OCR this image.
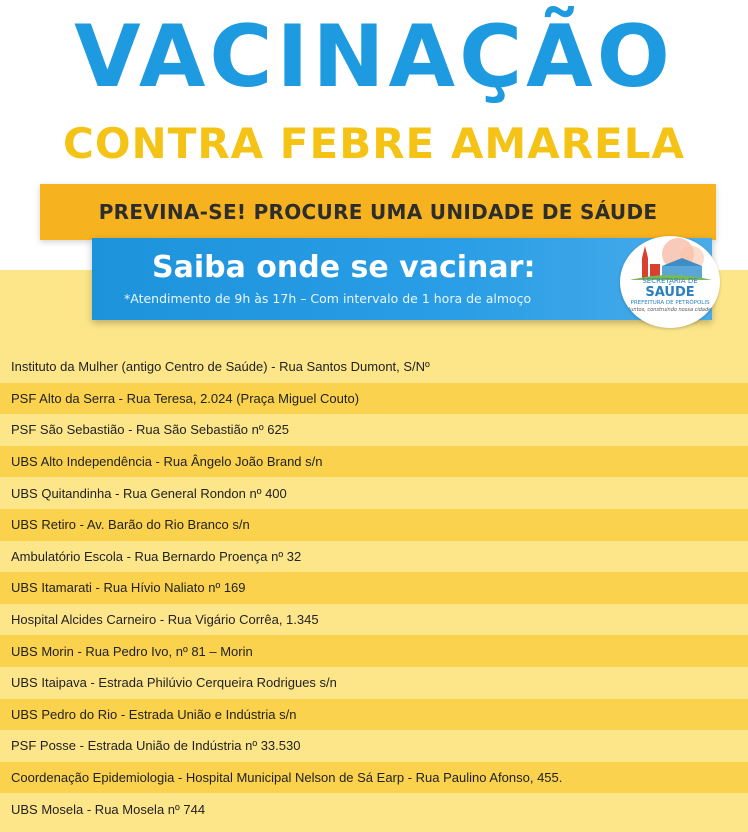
VACINAÇÃO
CONTRA FEBRE AMARELA
PREVINA-SE! PROCURE UMA UNIDADE DE SÁUDE
Saiba onde se vacinar:
*Atendimento de 9h às 17h – Com intervalo de 1 hora de almoço
SECRETARIA DE
SAÚDE
PREFEITURA DE PETRÓPOLIS
Juntos, construindo nossa cidade
Instituto da Mulher (antigo Centro de Saúde) - Rua Santos Dumont, S/Nº
PSF Alto da Serra - Rua Teresa, 2.024 (Praça Miguel Couto)
PSF São Sebastião - Rua São Sebastião nº 625
UBS Alto Independência - Rua Ângelo João Brand s/n
UBS Quitandinha - Rua General Rondon nº 400
UBS Retiro - Av. Barão do Rio Branco s/n
Ambulatório Escola - Rua Bernardo Proença nº 32
UBS Itamarati - Rua Hívio Naliato nº 169
Hospital Alcides Carneiro - Rua Vigário Corrêa, 1.345
UBS Morin - Rua Pedro Ivo, nº 81 – Morin
UBS Itaipava - Estrada Philúvio Cerqueira Rodrigues s/n
UBS Pedro do Rio - Estrada União e Indústria s/n
PSF Posse - Estrada União de Indústria nº 33.530
Coordenação Epidemiologia - Hospital Municipal Nelson de Sá Earp - Rua Paulino Afonso, 455.
UBS Mosela - Rua Mosela nº 744
